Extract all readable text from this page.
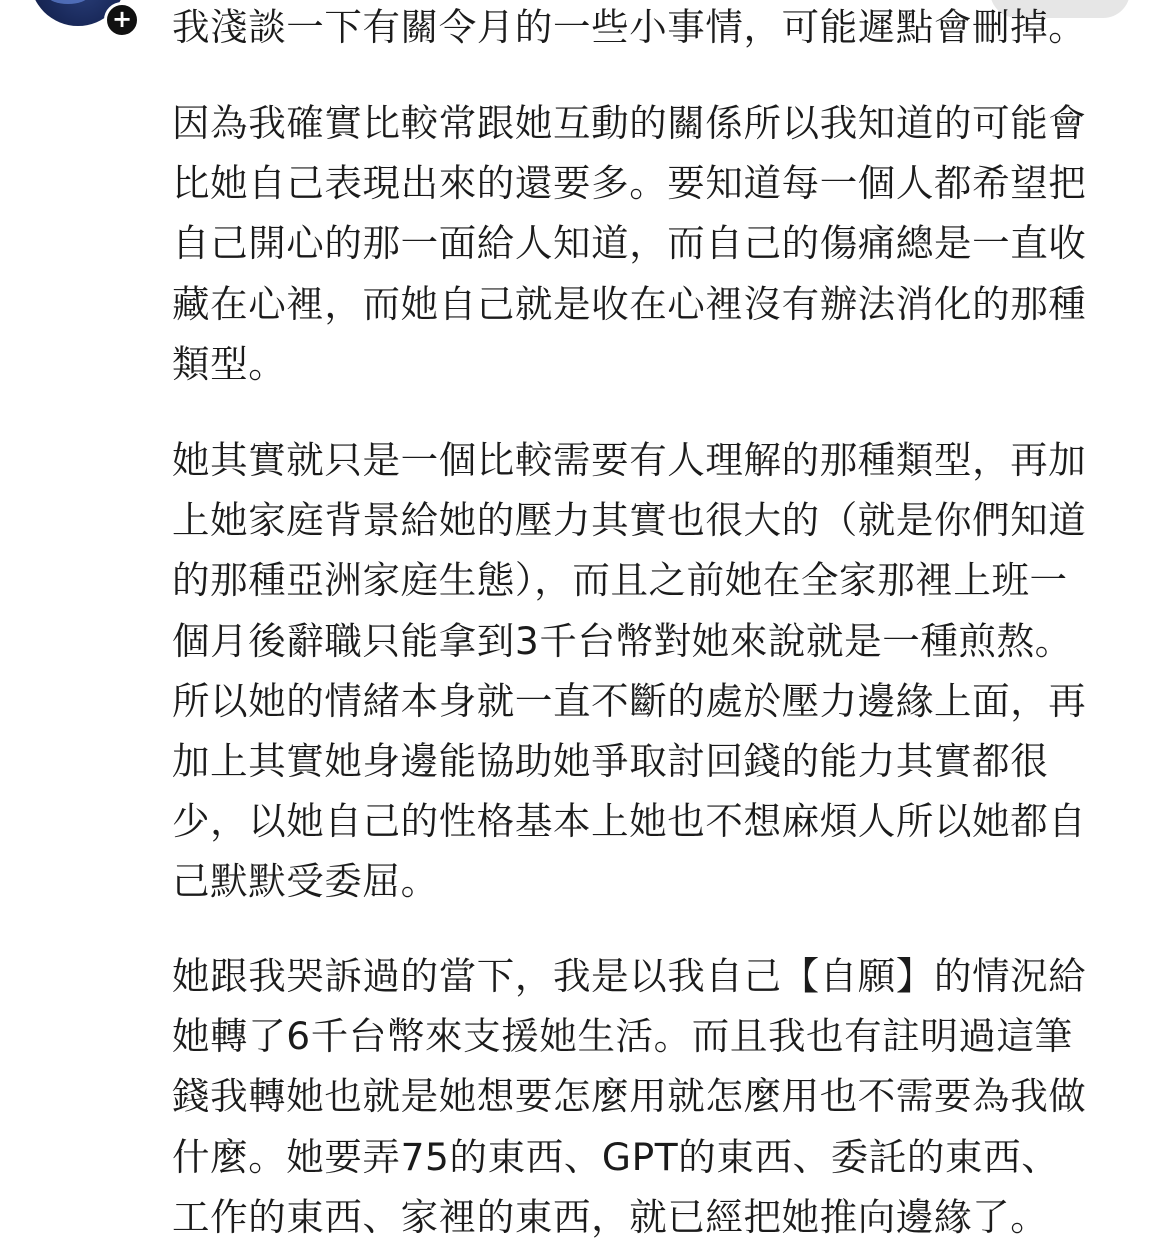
+ 我淺談一下有關令月的一些小事情，可能遲點會刪掉。

因為我確實比較常跟她互動的關係所以我知道的可能會
比她自己表現出來的還要多。要知道每一個人都希望把
自己開心的那一面給人知道，而自己的傷痛總是一直收
藏在心裡，而她自己就是收在心裡沒有辦法消化的那種
類型。

她其實就只是一個比較需要有人理解的那種類型，再加
上她家庭背景給她的壓力其實也很大的（就是你們知道
的那種亞洲家庭生態），而且之前她在全家那裡上班一
個月後辭職只能拿到3千台幣對她來說就是一種煎熬。
所以她的情緒本身就一直不斷的處於壓力邊緣上面，再
加上其實她身邊能協助她爭取討回錢的能力其實都很
少，以她自己的性格基本上她也不想麻煩人所以她都自
己默默受委屈。

她跟我哭訴過的當下，我是以我自己【自願】的情況給
她轉了6千台幣來支援她生活。而且我也有註明過這筆
錢我轉她也就是她想要怎麼用就怎麼用也不需要為我做
什麼。她要弄75的東西、GPT的東西、委託的東西、
工作的東西、家裡的東西，就已經把她推向邊緣了。
